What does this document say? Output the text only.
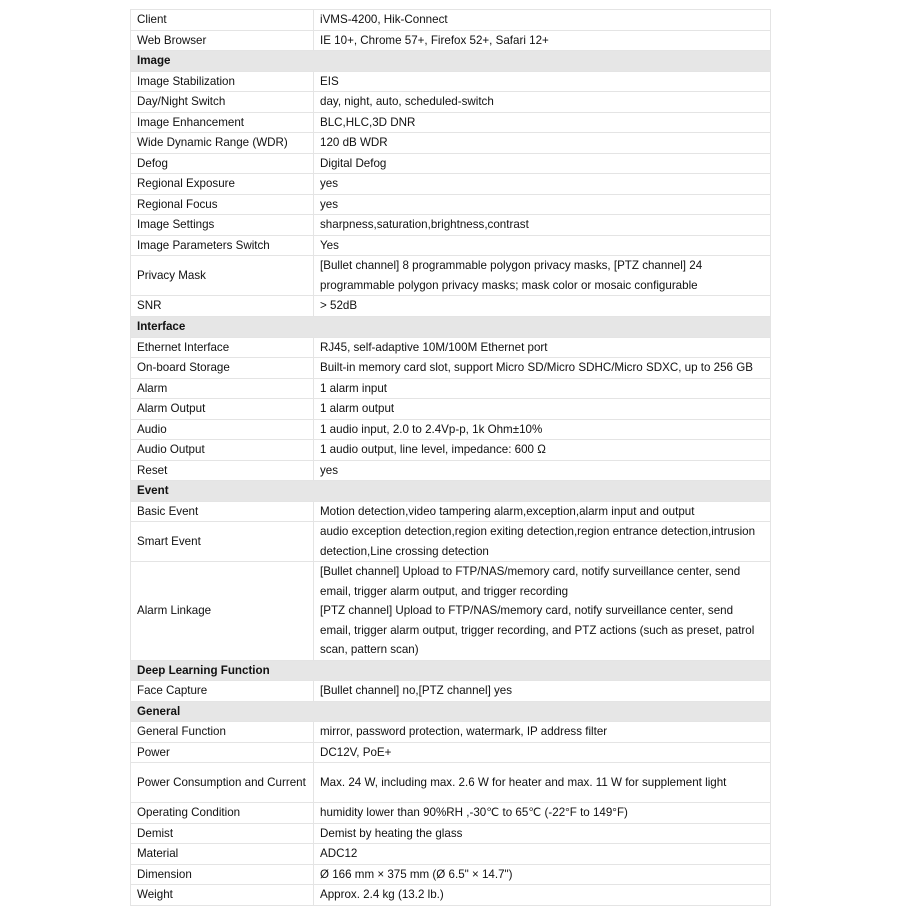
Client	iVMS-4200, Hik-Connect
Web Browser	IE 10+, Chrome 57+, Firefox 52+, Safari 12+
Image	
Image Stabilization	EIS
Day/Night Switch	day, night, auto, scheduled-switch
Image Enhancement	BLC,HLC,3D DNR
Wide Dynamic Range (WDR)	120 dB WDR
Defog	Digital Defog
Regional Exposure	yes
Regional Focus	yes
Image Settings	sharpness,saturation,brightness,contrast
Image Parameters Switch	Yes
Privacy Mask	[Bullet channel] 8 programmable polygon privacy masks, [PTZ channel] 24 programmable polygon privacy masks; mask color or mosaic configurable
SNR	> 52dB
Interface	
Ethernet Interface	RJ45, self-adaptive 10M/100M Ethernet port
On-board Storage	Built-in memory card slot, support Micro SD/Micro SDHC/Micro SDXC, up to 256 GB
Alarm	1 alarm input
Alarm Output	1 alarm output
Audio	1 audio input, 2.0 to 2.4Vp-p, 1k Ohm±10%
Audio Output	1 audio output, line level, impedance: 600 Ω
Reset	yes
Event	
Basic Event	Motion detection,video tampering alarm,exception,alarm input and output
Smart Event	audio exception detection,region exiting detection,region entrance detection,intrusion detection,Line crossing detection
Alarm Linkage	[Bullet channel] Upload to FTP/NAS/memory card, notify surveillance center, send email, trigger alarm output, and trigger recording
[PTZ channel] Upload to FTP/NAS/memory card, notify surveillance center, send email, trigger alarm output, trigger recording, and PTZ actions (such as preset, patrol scan, pattern scan)

Deep Learning Function	
Face Capture	[Bullet channel] no,[PTZ channel] yes
General	
General Function	mirror, password protection, watermark, IP address filter
Power	DC12V, PoE+
Power Consumption and Current	Max. 24 W, including max. 2.6 W for heater and max. 11 W for supplement light
Operating Condition	humidity lower than 90%RH ,-30℃ to 65℃ (-22°F to 149°F)
Demist	Demist by heating the glass
Material	ADC12
Dimension	Ø 166 mm × 375 mm (Ø 6.5" × 14.7")
Weight	Approx. 2.4 kg (13.2 lb.)
